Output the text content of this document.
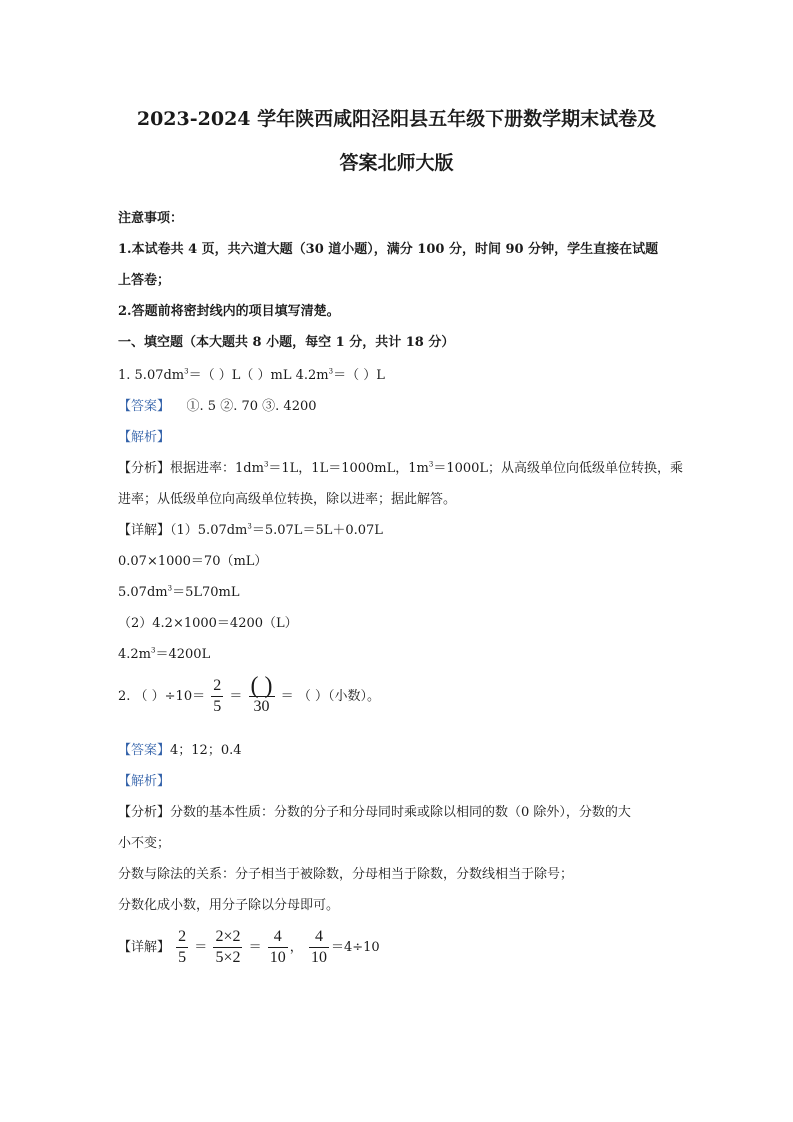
2023-2024 学年陕西咸阳泾阳县五年级下册数学期末试卷及
答案北师大版
注意事项：
1.本试卷共 4 页，共六道大题（30 道小题），满分 100 分，时间 90 分钟，学生直接在试题
上答卷；
2.答题前将密封线内的项目填写清楚。
一、填空题（本大题共 8 小题，每空 1 分，共计 18 分）
1. $5.07dm^3=$（ ）L（ ）mL $4.2m^3=$（ ）L
【答案】 ①. 5 ②. 70 ③. 4200
【解析】
【分析】根据进率：$1dm^3=1L$，1L＝1000mL，$1m^3=1000L$；从高级单位向低级单位转换，乘
进率；从低级单位向高级单位转换，除以进率；据此解答。
【详解】$(1)5.07dm^3=5.07L=5L+0.07L$
0.07×1000＝70（mL）
$5.07dm^3=5L70mL$
（2）4.2×1000＝4200（L）
$4.2m^3=4200L$
2. （ ）$\div 10= \frac{2}{5} = \frac{( )}{30}$ ＝ （ ）（小数）。
【答案】4；12；0.4
【解析】
【分析】分数的基本性质：分数的分子和分母同时乘或除以相同的数（0 除外），分数的大
小不变；
分数与除法的关系：分子相当于被除数，分母相当于除数，分数线相当于除号；
分数化成小数，用分子除以分母即可。
【详解】 $\frac{2}{5} = \frac{2\times 2}{5\times 2} = \frac{4}{10}$ ， $\frac{4}{10} =4\div 10$
